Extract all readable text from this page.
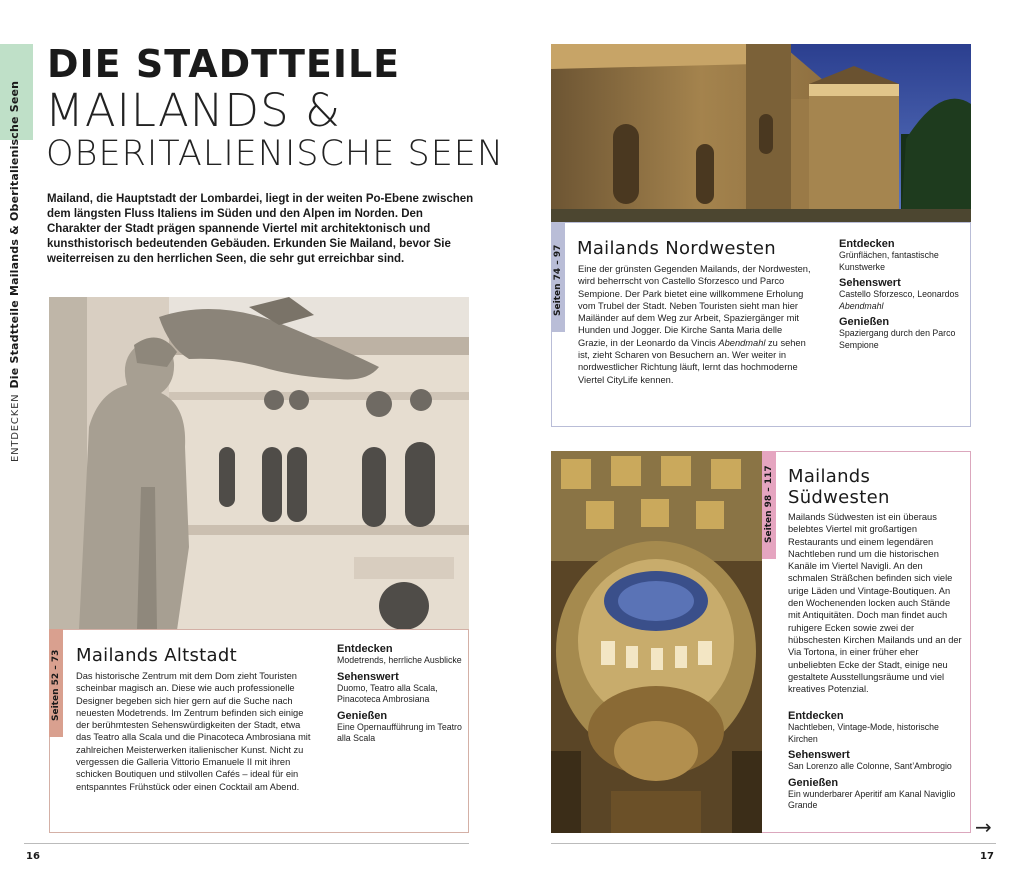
ENTDECKENDie Stadtteile Mailands & Oberitalienische Seen
DIE STADTTEILE
MAILANDS &
OBERITALIENISCHE SEEN

Mailand, die Hauptstadt der Lombardei, liegt in der weiten Po-Ebene zwischen dem längsten Fluss Italiens im Süden und den Alpen im Norden. Den Charakter der Stadt prägen spannende Viertel mit architektonisch und kunsthistorisch bedeutenden Gebäuden. Erkunden Sie Mailand, bevor Sie weiterreisen zu den herrlichen Seen, die sehr gut erreichbar sind.

Seiten 52 – 73 Mailands Altstadt

Das historische Zentrum mit dem Dom zieht Touristen scheinbar magisch an. Diese wie auch professionelle Designer begeben sich hier gern auf die Suche nach neuesten Modetrends. Im Zentrum befinden sich einige der berühmtesten Sehenswürdigkeiten der Stadt, etwa das Teatro alla Scala und die Pinacoteca Ambrosiana mit zahlreichen Meisterwerken italienischer Kunst. Nicht zu vergessen die Galleria Vittorio Emanuele II mit ihren schicken Boutiquen und stilvollen Cafés – ideal für ein entspanntes Frühstück oder einen Cocktail am Abend.

Entdecken
Modetrends, herrliche Ausblicke
Sehenswert
Duomo, Teatro alla Scala, Pinacoteca Ambrosiana
Genießen
Eine Opernaufführung im Teatro alla Scala
16
Seiten 74 – 97 Mailands Nordwesten

Eine der grünsten Gegenden Mailands, der Nordwesten, wird beherrscht von Castello Sforzesco und Parco Sempione. Der Park bietet eine willkommene Erholung vom Trubel der Stadt. Neben Touristen sieht man hier Mailänder auf dem Weg zur Arbeit, Spaziergänger mit Hunden und Jogger. Die Kirche Santa Maria delle Grazie, in der Leonardo da Vincis Abendmahl zu sehen ist, zieht Scharen von Besuchern an. Wer weiter in nordwestlicher Richtung läuft, lernt das hochmoderne Viertel CityLife kennen.

Entdecken
Grünflächen, fantastische Kunstwerke
Sehenswert
Castello Sforzesco, Leonardos Abendmahl
Genießen
Spaziergang durch den Parco Sempione
Seiten 98 – 117 Mailands
Südwesten

Mailands Südwesten ist ein überaus belebtes Viertel mit großartigen Restaurants und einem legendären Nachtleben rund um die historischen Kanäle im Viertel Navigli. An den schmalen Sträßchen befinden sich viele urige Läden und Vintage-Boutiquen. An den Wochenenden locken auch Stände mit Antiquitäten. Doch man findet auch ruhigere Ecken sowie zwei der hübschesten Kirchen Mailands und an der Via Tortona, in einer früher eher unbeliebten Ecke der Stadt, einige neu gestaltete Ausstellungsräume und viel kreatives Potenzial.

Entdecken
Nachtleben, Vintage-Mode, historische Kirchen
Sehenswert
San Lorenzo alle Colonne, Sant’Ambrogio
Genießen
Ein wunderbarer Aperitif am Kanal Naviglio Grande
→
17
